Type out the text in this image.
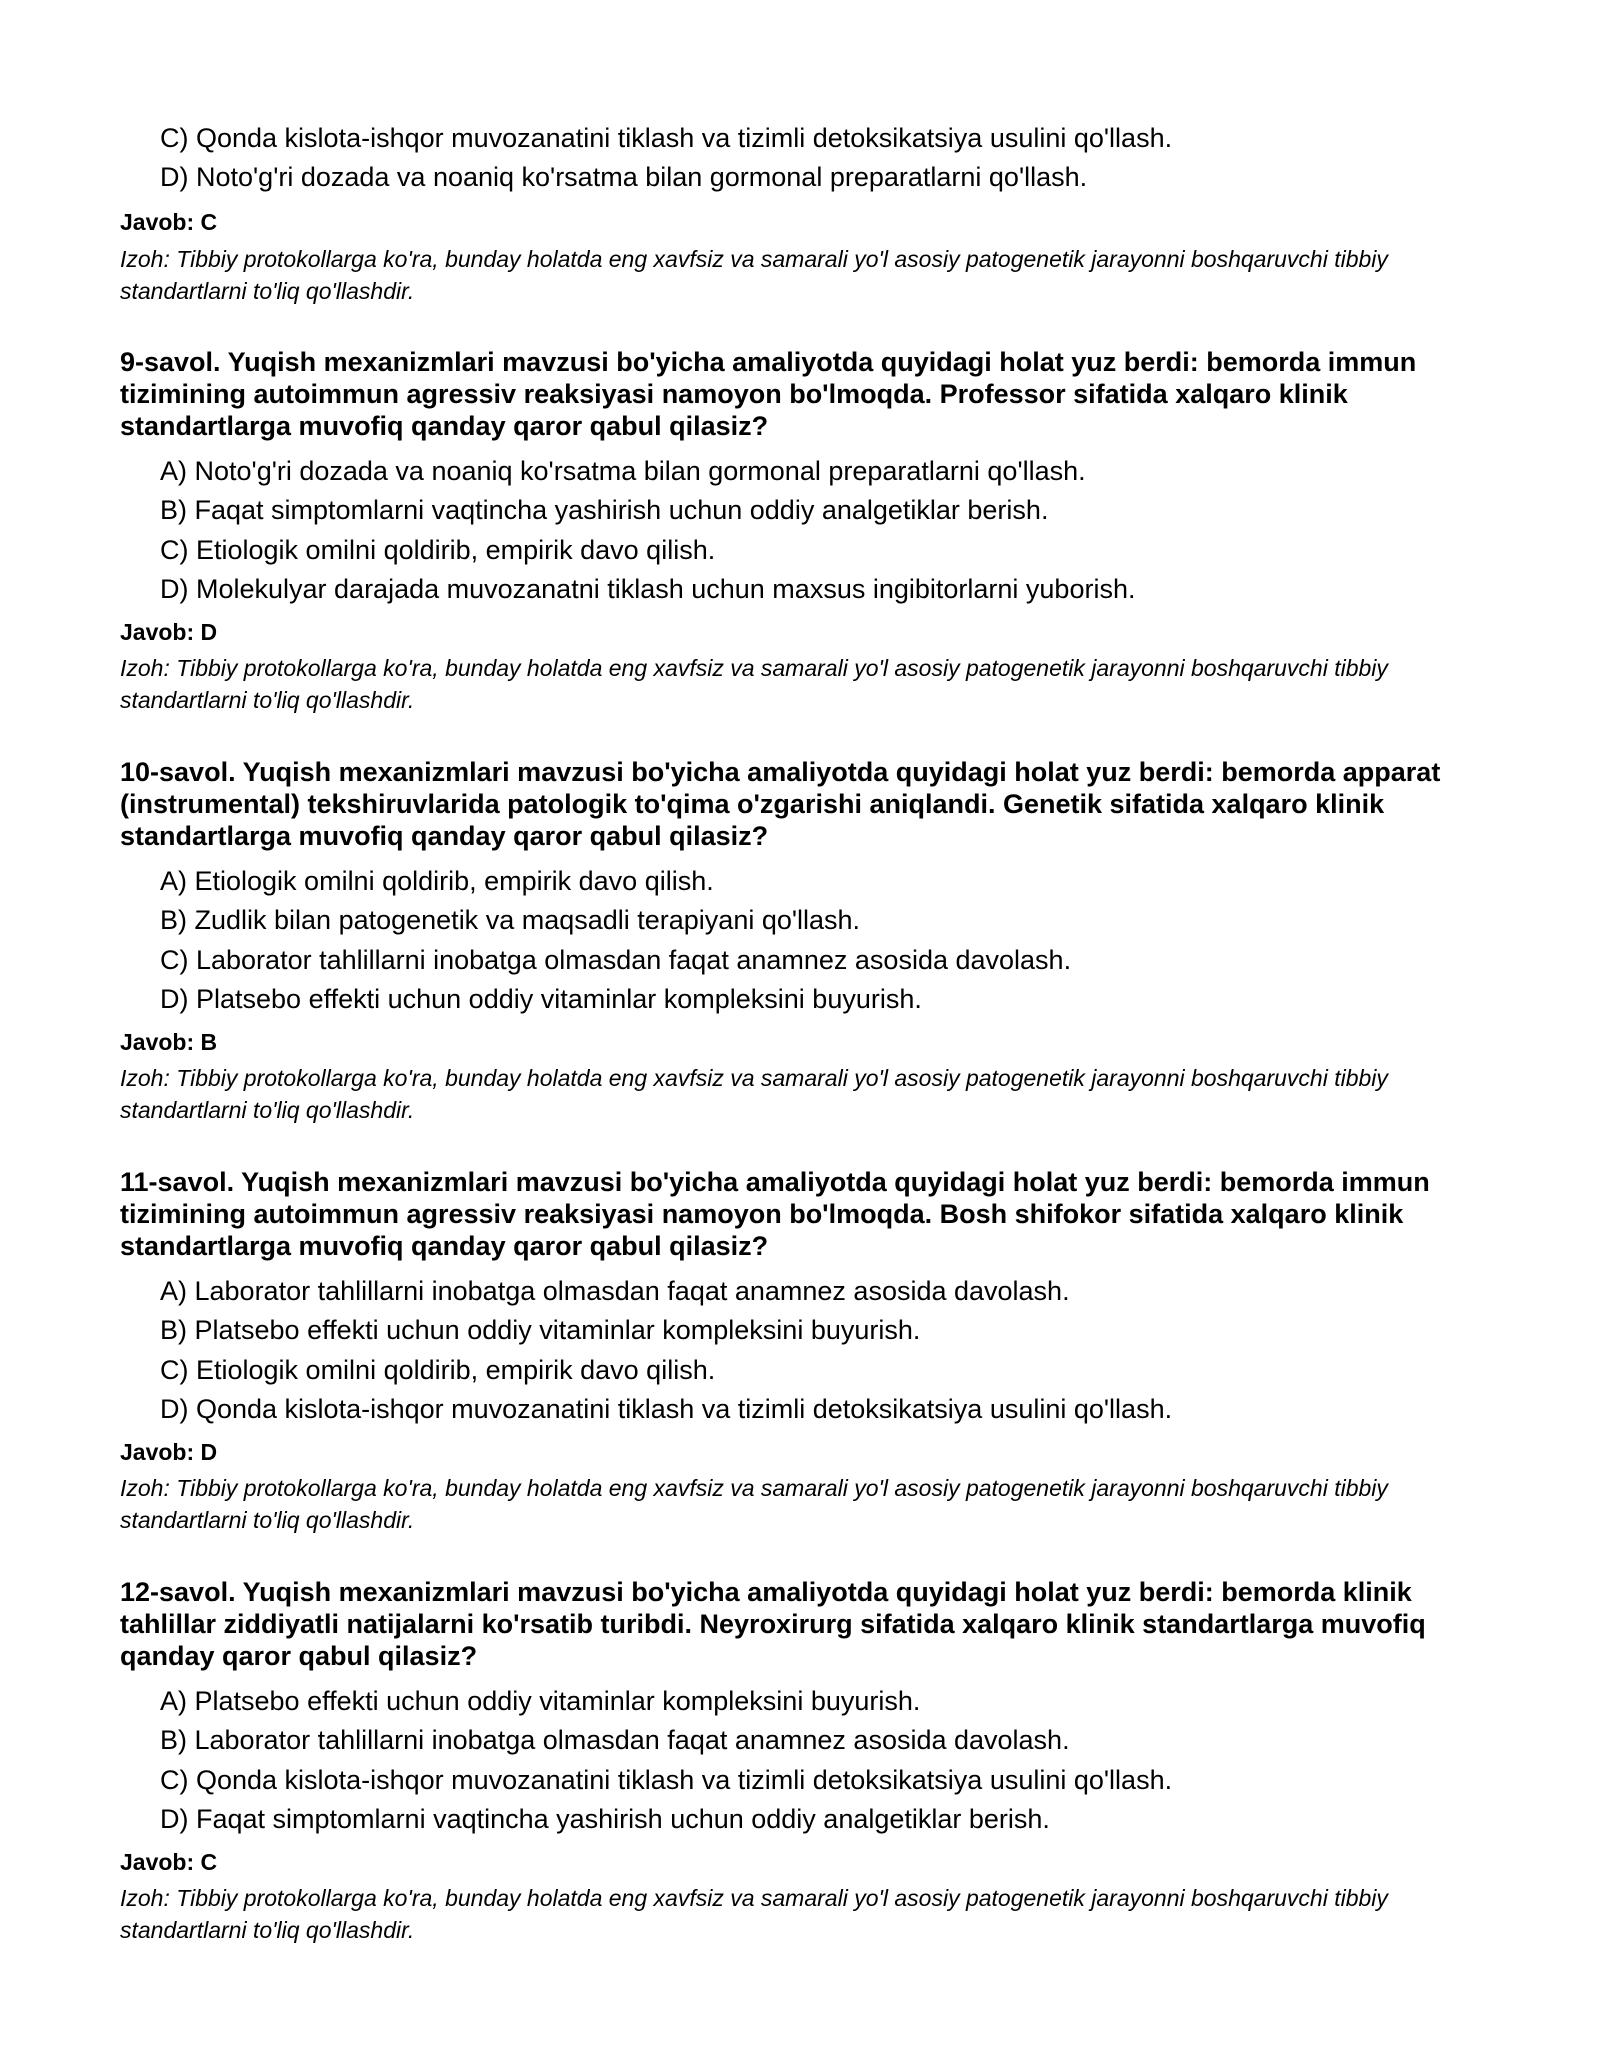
C) Qonda kislota-ishqor muvozanatini tiklash va tizimli detoksikatsiya usulini qo'llash.
D) Noto'g'ri dozada va noaniq ko'rsatma bilan gormonal preparatlarni qo'llash.
Javob: C
Izoh: Tibbiy protokollarga ko'ra, bunday holatda eng xavfsiz va samarali yo'l asosiy patogenetik jarayonni boshqaruvchi tibbiy standartlarni to'liq qo'llashdir.
9-savol. Yuqish mexanizmlari mavzusi bo'yicha amaliyotda quyidagi holat yuz berdi: bemorda immun tizimining autoimmun agressiv reaksiyasi namoyon bo'lmoqda. Professor sifatida xalqaro klinik standartlarga muvofiq qanday qaror qabul qilasiz?
A) Noto'g'ri dozada va noaniq ko'rsatma bilan gormonal preparatlarni qo'llash.
B) Faqat simptomlarni vaqtincha yashirish uchun oddiy analgetiklar berish.
C) Etiologik omilni qoldirib, empirik davo qilish.
D) Molekulyar darajada muvozanatni tiklash uchun maxsus ingibitorlarni yuborish.
Javob: D
Izoh: Tibbiy protokollarga ko'ra, bunday holatda eng xavfsiz va samarali yo'l asosiy patogenetik jarayonni boshqaruvchi tibbiy standartlarni to'liq qo'llashdir.
10-savol. Yuqish mexanizmlari mavzusi bo'yicha amaliyotda quyidagi holat yuz berdi: bemorda apparat (instrumental) tekshiruvlarida patologik to'qima o'zgarishi aniqlandi. Genetik sifatida xalqaro klinik standartlarga muvofiq qanday qaror qabul qilasiz?
A) Etiologik omilni qoldirib, empirik davo qilish.
B) Zudlik bilan patogenetik va maqsadli terapiyani qo'llash.
C) Laborator tahlillarni inobatga olmasdan faqat anamnez asosida davolash.
D) Platsebo effekti uchun oddiy vitaminlar kompleksini buyurish.
Javob: B
Izoh: Tibbiy protokollarga ko'ra, bunday holatda eng xavfsiz va samarali yo'l asosiy patogenetik jarayonni boshqaruvchi tibbiy standartlarni to'liq qo'llashdir.
11-savol. Yuqish mexanizmlari mavzusi bo'yicha amaliyotda quyidagi holat yuz berdi: bemorda immun tizimining autoimmun agressiv reaksiyasi namoyon bo'lmoqda. Bosh shifokor sifatida xalqaro klinik standartlarga muvofiq qanday qaror qabul qilasiz?
A) Laborator tahlillarni inobatga olmasdan faqat anamnez asosida davolash.
B) Platsebo effekti uchun oddiy vitaminlar kompleksini buyurish.
C) Etiologik omilni qoldirib, empirik davo qilish.
D) Qonda kislota-ishqor muvozanatini tiklash va tizimli detoksikatsiya usulini qo'llash.
Javob: D
Izoh: Tibbiy protokollarga ko'ra, bunday holatda eng xavfsiz va samarali yo'l asosiy patogenetik jarayonni boshqaruvchi tibbiy standartlarni to'liq qo'llashdir.
12-savol. Yuqish mexanizmlari mavzusi bo'yicha amaliyotda quyidagi holat yuz berdi: bemorda klinik tahlillar ziddiyatli natijalarni ko'rsatib turibdi. Neyroxirurg sifatida xalqaro klinik standartlarga muvofiq qanday qaror qabul qilasiz?
A) Platsebo effekti uchun oddiy vitaminlar kompleksini buyurish.
B) Laborator tahlillarni inobatga olmasdan faqat anamnez asosida davolash.
C) Qonda kislota-ishqor muvozanatini tiklash va tizimli detoksikatsiya usulini qo'llash.
D) Faqat simptomlarni vaqtincha yashirish uchun oddiy analgetiklar berish.
Javob: C
Izoh: Tibbiy protokollarga ko'ra, bunday holatda eng xavfsiz va samarali yo'l asosiy patogenetik jarayonni boshqaruvchi tibbiy standartlarni to'liq qo'llashdir.
